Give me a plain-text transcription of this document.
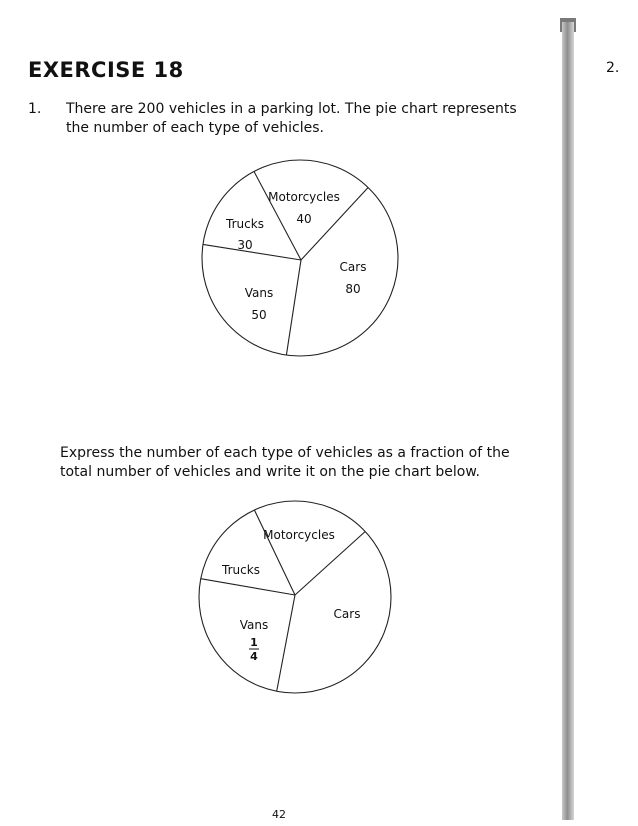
EXERCISE 18	2.
1. There are 200 vehicles in a parking lot. The pie chart represents the number of each type of vehicles.

Motorcycles
40
Trucks
30
Cars
80
Vans
50

Express the number of each type of vehicles as a fraction of the total number of vehicles and write it on the pie chart below.

Motorcycles
Trucks
Cars
Vans
1
4
42
